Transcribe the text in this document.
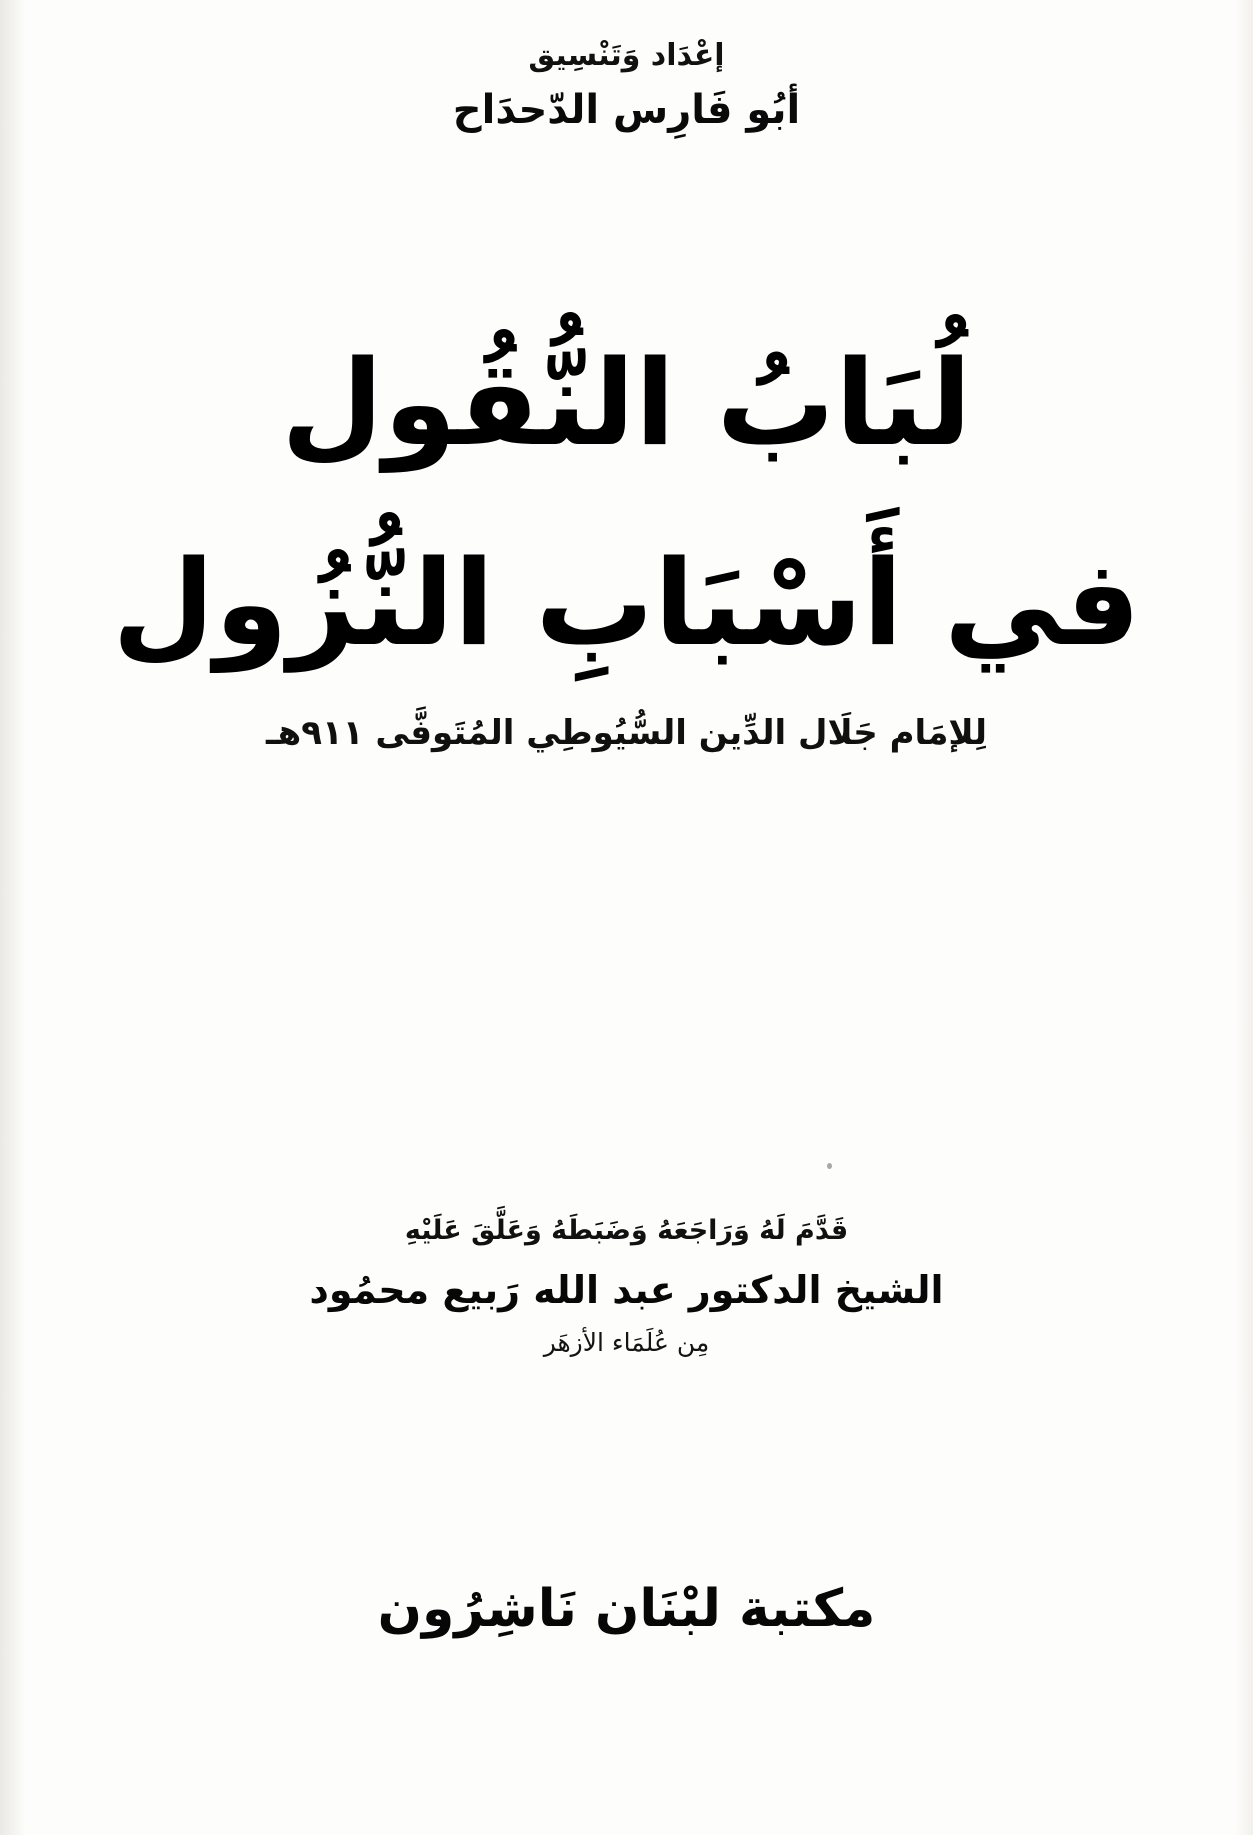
إعْدَاد وَتَنْسِيق
أبُو فَارِس الدّحدَاح
لُبَابُ النُّقُول
في أَسْبَابِ النُّزُول
لِلإمَام جَلَال الدِّين السُّيُوطِي المُتَوفَّى ٩١١هـ
قَدَّمَ لَهُ وَرَاجَعَهُ وَضَبَطَهُ وَعَلَّقَ عَلَيْهِ
الشيخ الدكتور عبد الله رَبيع محمُود
مِن عُلَمَاء الأزهَر
مكتبة لبْنَان نَاشِرُون
